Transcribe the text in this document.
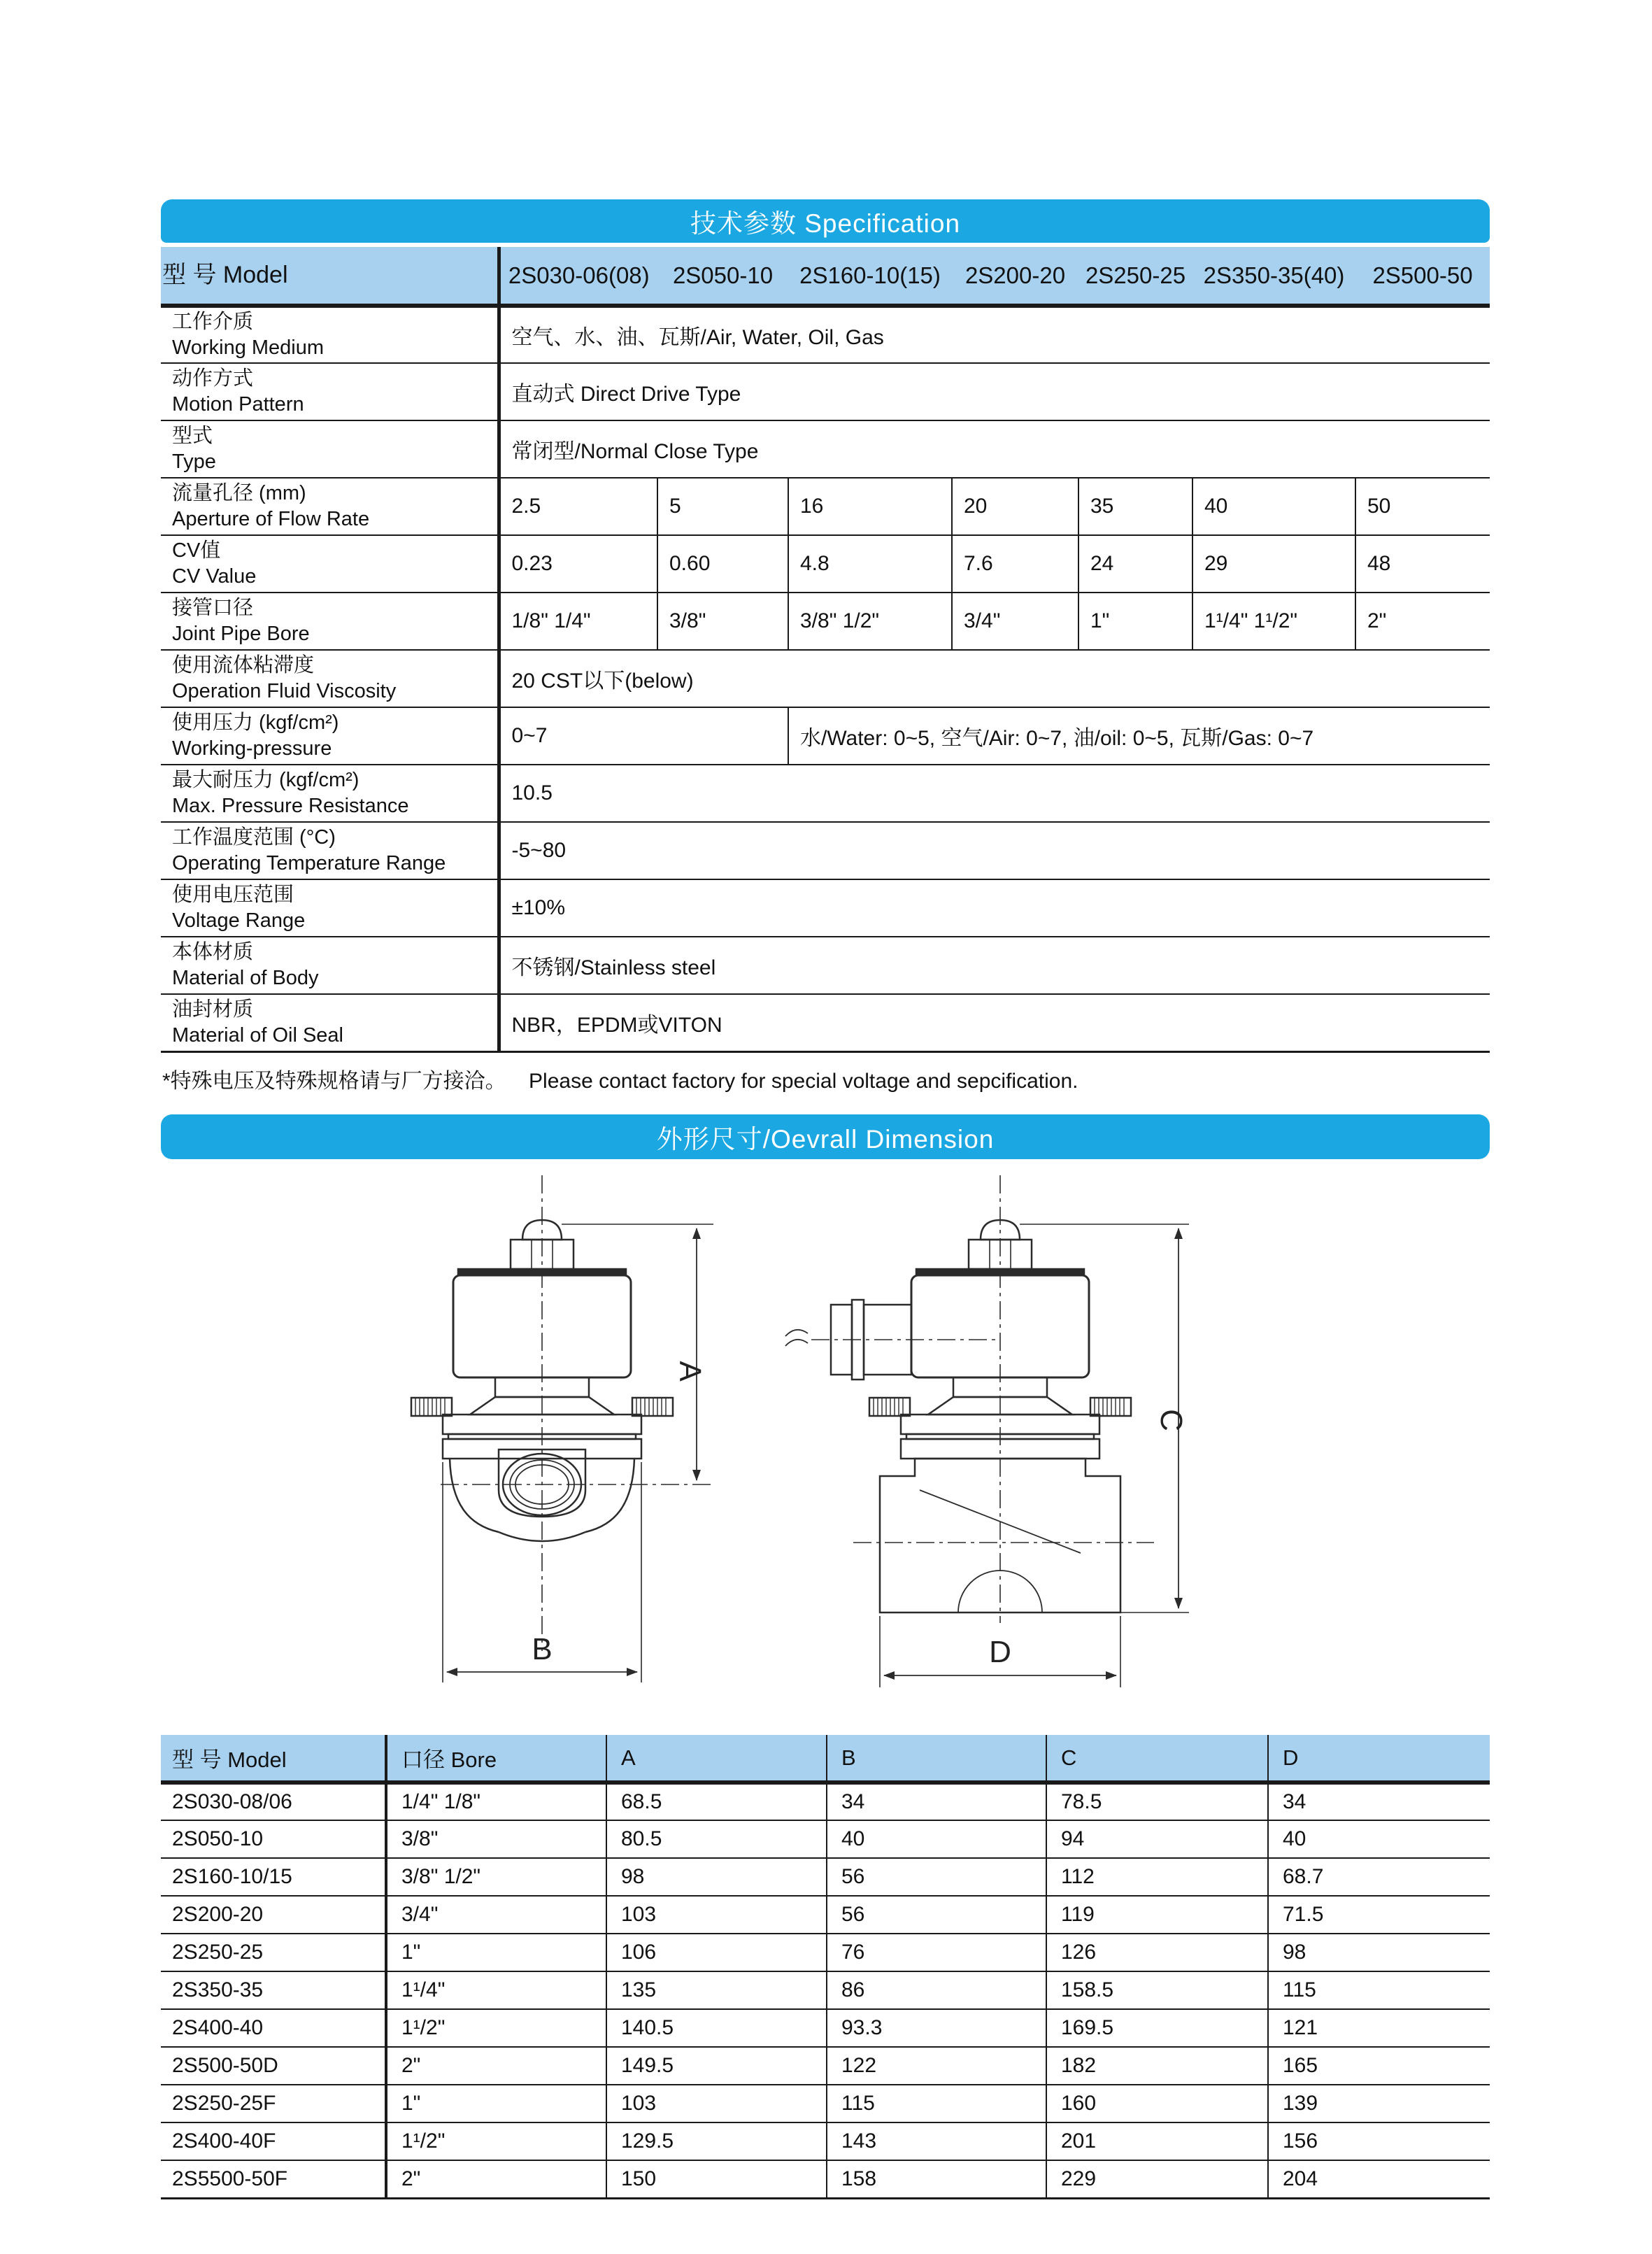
技术参数 Specification
型 号 Model	2S030-06(08)	2S050-10	2S160-10(15)	2S200-20	2S250-25	2S350-35(40)	2S500-50

工作介质
Working Medium	空气、水、油、瓦斯/Air, Water, Oil, Gas						

动作方式
Motion Pattern	直动式 Direct Drive Type						

型式
Type	常闭型/Normal Close Type						

流量孔径 (mm)
Aperture of Flow Rate	2.5	5	16	20	35	40	50

CV值
CV Value	0.23	0.60	4.8	7.6	24	29	48

接管口径
Joint Pipe Bore	1/8" 1/4"	3/8"	3/8" 1/2"	3/4"	1"	1¹/4" 1¹/2"	2"

使用流体粘滞度
Operation Fluid Viscosity	20 CST以下(below)						

使用压力 (kgf/cm²)
Working-pressure	0~7		水/Water: 0~5, 空气/Air: 0~7, 油/oil: 0~5, 瓦斯/Gas: 0~7				

最大耐压力 (kgf/cm²)
Max. Pressure Resistance	10.5						

工作温度范围 (°C)
Operating Temperature Range	-5~80						

使用电压范围
Voltage Range	±10%						

本体材质
Material of Body	不锈钢/Stainless steel						

油封材质
Material of Oil Seal	NBR，EPDM或VITON						
*特殊电压及特殊规格请与厂方接洽。 Please contact factory for special voltage and sepcification.
外形尺寸/Oevrall Dimension
A
B
C
D
型 号 Model	口径 Bore	A	B	C	D
2S030-08/06	1/4" 1/8"	68.5	34	78.5	34
2S050-10	3/8"	80.5	40	94	40
2S160-10/15	3/8" 1/2"	98	56	112	68.7
2S200-20	3/4"	103	56	119	71.5
2S250-25	1"	106	76	126	98
2S350-35	1¹/4"	135	86	158.5	115
2S400-40	1¹/2"	140.5	93.3	169.5	121
2S500-50D	2"	149.5	122	182	165
2S250-25F	1"	103	115	160	139
2S400-40F	1¹/2"	129.5	143	201	156
2S5500-50F	2"	150	158	229	204
